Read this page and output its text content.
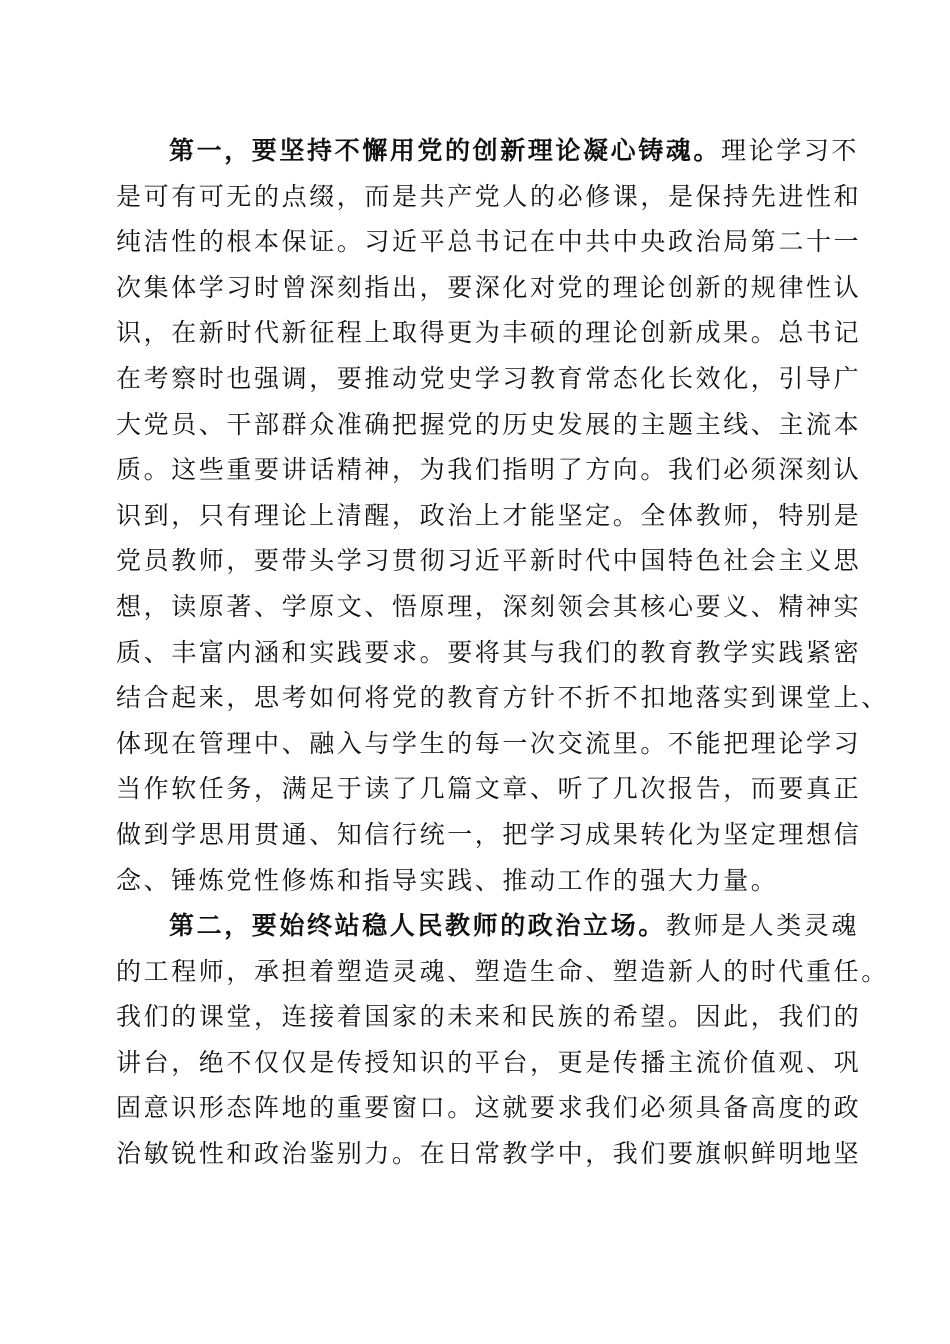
第一，要坚持不懈用党的创新理论凝心铸魂。理论学习不
是可有可无的点缀，而是共产党人的必修课，是保持先进性和
纯洁性的根本保证。习近平总书记在中共中央政治局第二十一
次集体学习时曾深刻指出，要深化对党的理论创新的规律性认
识，在新时代新征程上取得更为丰硕的理论创新成果。总书记
在考察时也强调，要推动党史学习教育常态化长效化，引导广
大党员、干部群众准确把握党的历史发展的主题主线、主流本
质。这些重要讲话精神，为我们指明了方向。我们必须深刻认
识到，只有理论上清醒，政治上才能坚定。全体教师，特别是
党员教师，要带头学习贯彻习近平新时代中国特色社会主义思
想，读原著、学原文、悟原理，深刻领会其核心要义、精神实
质、丰富内涵和实践要求。要将其与我们的教育教学实践紧密
结合起来，思考如何将党的教育方针不折不扣地落实到课堂上、
体现在管理中、融入与学生的每一次交流里。不能把理论学习
当作软任务，满足于读了几篇文章、听了几次报告，而要真正
做到学思用贯通、知信行统一，把学习成果转化为坚定理想信
念、锤炼党性修炼和指导实践、推动工作的强大力量。
第二，要始终站稳人民教师的政治立场。教师是人类灵魂
的工程师，承担着塑造灵魂、塑造生命、塑造新人的时代重任。
我们的课堂，连接着国家的未来和民族的希望。因此，我们的
讲台，绝不仅仅是传授知识的平台，更是传播主流价值观、巩
固意识形态阵地的重要窗口。这就要求我们必须具备高度的政
治敏锐性和政治鉴别力。在日常教学中，我们要旗帜鲜明地坚
